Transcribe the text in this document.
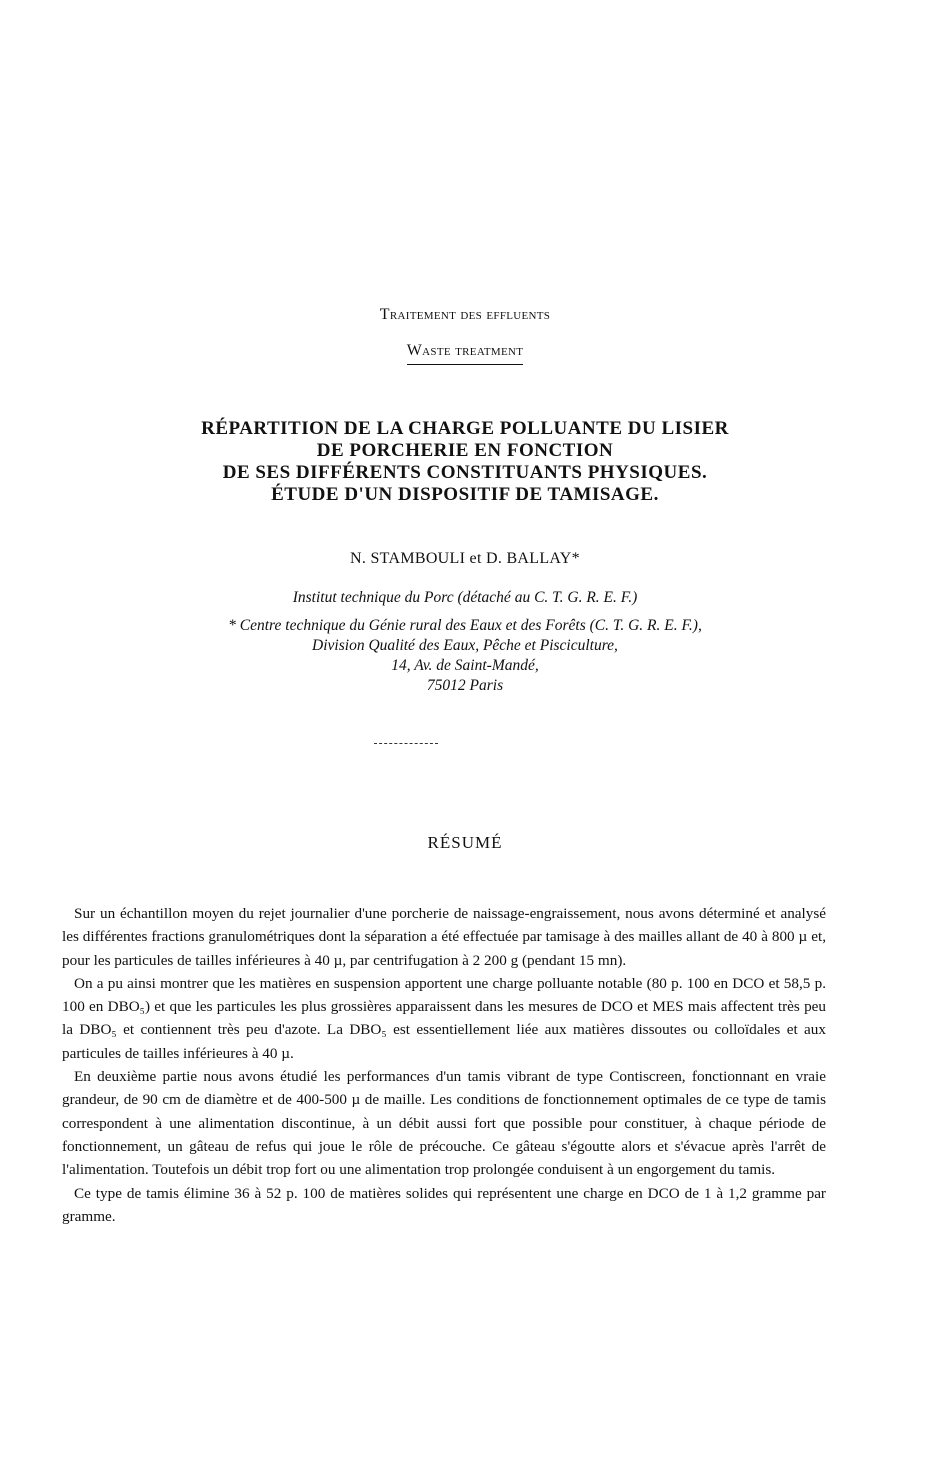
Traitement des effluents
Waste treatment
RÉPARTITION DE LA CHARGE POLLUANTE DU LISIER
DE PORCHERIE EN FONCTION
DE SES DIFFÉRENTS CONSTITUANTS PHYSIQUES.
ÉTUDE D'UN DISPOSITIF DE TAMISAGE.
N. STAMBOULI et D. BALLAY*
Institut technique du Porc (détaché au C. T. G. R. E. F.)
* Centre technique du Génie rural des Eaux et des Forêts (C. T. G. R. E. F.),
Division Qualité des Eaux, Pêche et Pisciculture,
14, Av. de Saint-Mandé,
75012 Paris
RÉSUMÉ

Sur un échantillon moyen du rejet journalier d'une porcherie de naissage-engraissement, nous avons déterminé et analysé les différentes fractions granulométriques dont la séparation a été effectuée par tamisage à des mailles allant de 40 à 800 µ et, pour les particules de tailles inférieures à 40 µ, par centrifugation à 2 200 g (pendant 15 mn).

On a pu ainsi montrer que les matières en suspension apportent une charge polluante notable (80 p. 100 en DCO et 58,5 p. 100 en DBO₅) et que les particules les plus grossières apparaissent dans les mesures de DCO et MES mais affectent très peu la DBO₅ et contiennent très peu d'azote. La DBO₅ est essentiellement liée aux matières dissoutes ou colloïdales et aux particules de tailles inférieures à 40 µ.

En deuxième partie nous avons étudié les performances d'un tamis vibrant de type Contiscreen, fonctionnant en vraie grandeur, de 90 cm de diamètre et de 400-500 µ de maille. Les conditions de fonctionnement optimales de ce type de tamis correspondent à une alimentation discontinue, à un débit aussi fort que possible pour constituer, à chaque période de fonctionnement, un gâteau de refus qui joue le rôle de précouche. Ce gâteau s'égoutte alors et s'évacue après l'arrêt de l'alimentation. Toutefois un débit trop fort ou une alimentation trop prolongée conduisent à un engorgement du tamis.

Ce type de tamis élimine 36 à 52 p. 100 de matières solides qui représentent une charge en DCO de 1 à 1,2 gramme par gramme.
